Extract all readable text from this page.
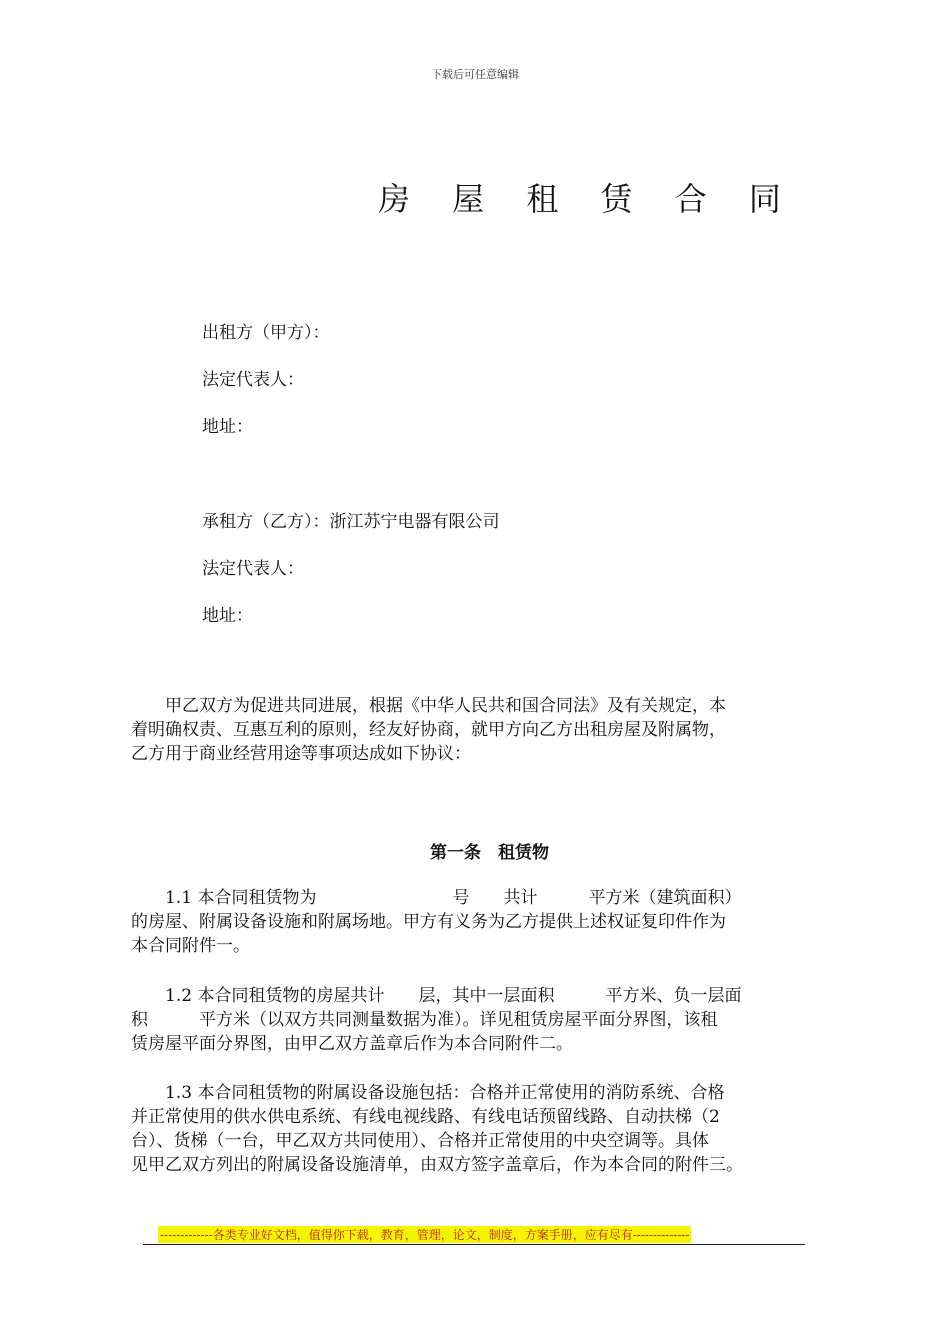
下载后可任意编辑
房 屋 租 赁 合 同
出租方（甲方）：
法定代表人：
地址：
承租方（乙方）：浙江苏宁电器有限公司
法定代表人：
地址：
　　甲乙双方为促进共同进展，根据《中华人民共和国合同法》及有关规定，本
着明确权责、互惠互利的原则，经友好协商，就甲方向乙方出租房屋及附属物，
乙方用于商业经营用途等事项达成如下协议：
第一条　租赁物
　　1.1 本合同租赁物为　　　　　　　　号　　共计　　　平方米（建筑面积）
的房屋、附属设备设施和附属场地。甲方有义务为乙方提供上述权证复印件作为
本合同附件一。
　　1.2 本合同租赁物的房屋共计　　层，其中一层面积　　　平方米、负一层面
积　　　平方米（以双方共同测量数据为准）。详见租赁房屋平面分界图，该租
赁房屋平面分界图，由甲乙双方盖章后作为本合同附件二。
　　1.3 本合同租赁物的附属设备设施包括：合格并正常使用的消防系统、合格
并正常使用的供水供电系统、有线电视线路、有线电话预留线路、自动扶梯（2
台）、货梯（一台，甲乙双方共同使用）、合格并正常使用的中央空调等。具体
见甲乙双方列出的附属设备设施清单，由双方签字盖章后，作为本合同的附件三。
-------------各类专业好文档，值得你下载，教育，管理，论文，制度，方案手册，应有尽有--------------
